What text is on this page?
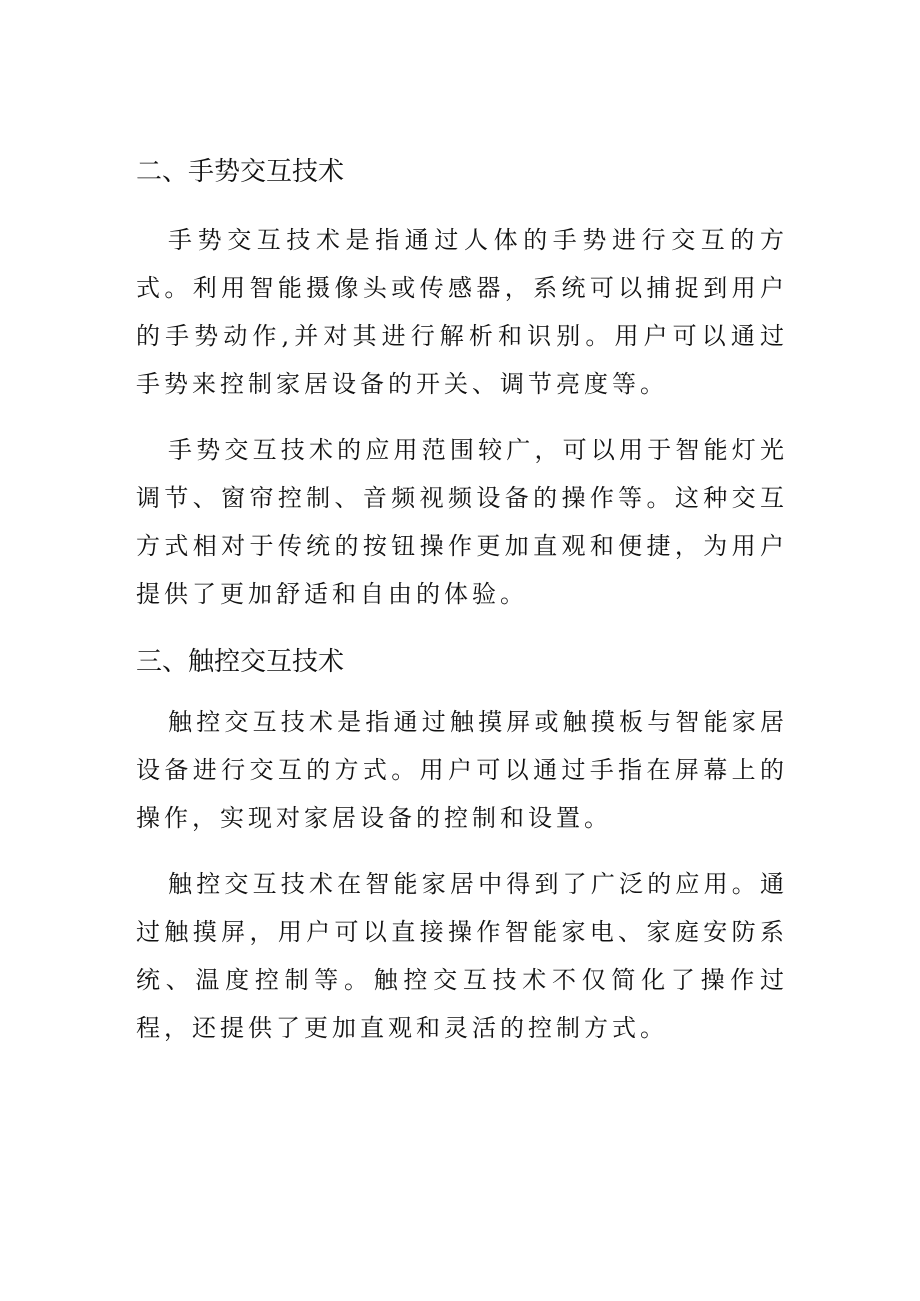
二、手势交互技术

手势交互技术是指通过人体的手势进行交互的方式。利用智能摄像头或传感器，系统可以捕捉到用户的手势动作,并对其进行解析和识别。用户可以通过手势来控制家居设备的开关、调节亮度等。

手势交互技术的应用范围较广，可以用于智能灯光调节、窗帘控制、音频视频设备的操作等。这种交互方式相对于传统的按钮操作更加直观和便捷，为用户提供了更加舒适和自由的体验。

三、触控交互技术

触控交互技术是指通过触摸屏或触摸板与智能家居设备进行交互的方式。用户可以通过手指在屏幕上的操作，实现对家居设备的控制和设置。

触控交互技术在智能家居中得到了广泛的应用。通过触摸屏，用户可以直接操作智能家电、家庭安防系统、温度控制等。触控交互技术不仅简化了操作过程，还提供了更加直观和灵活的控制方式。
